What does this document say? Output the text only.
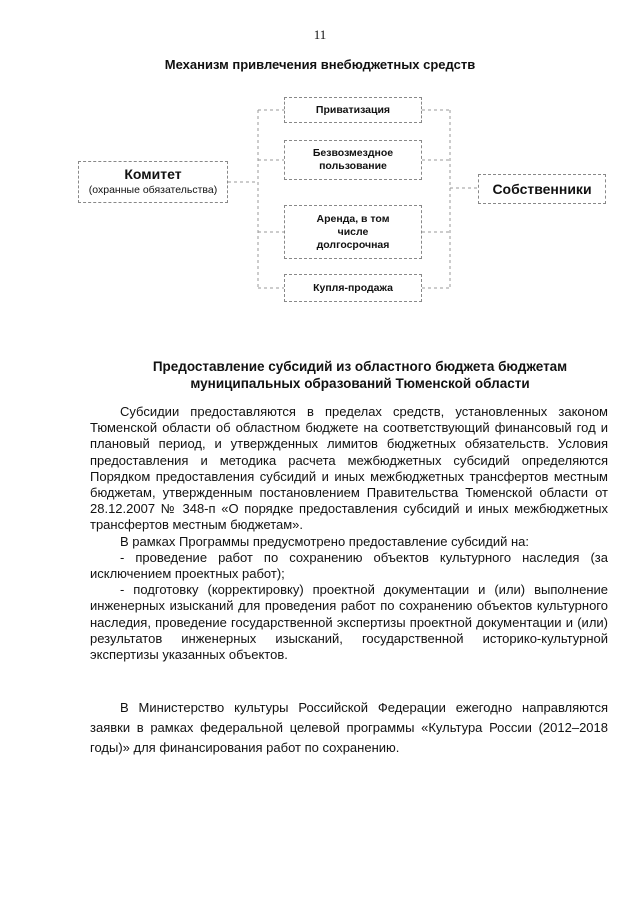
11
Механизм привлечения внебюджетных средств
Комитет
(охранные обязательства)
Приватизация
Безвозмездное пользование
Аренда, в том числе долгосрочная
Купля-продажа
Собственники
Предоставление субсидий из областного бюджета бюджетам муниципальных образований Тюменской области

Субсидии предоставляются в пределах средств, установленных законом Тюменской области об областном бюджете на соответствующий финансовый год и плановый период, и утвержденных лимитов бюджетных обязательств. Условия предоставления и методика расчета межбюджетных субсидий определяются Порядком предоставления субсидий и иных межбюджетных трансфертов местным бюджетам, утвержденным постановлением Правительства Тюменской области от 28.12.2007 № 348-п «О порядке предоставления субсидий и иных межбюджетных трансфертов местным бюджетам».

В рамках Программы предусмотрено предоставление субсидий на:

- проведение работ по сохранению объектов культурного наследия (за исключением проектных работ);

- подготовку (корректировку) проектной документации и (или) выполнение инженерных изысканий для проведения работ по сохранению объектов культурного наследия, проведение государственной экспертизы проектной документации и (или) результатов инженерных изысканий, государственной историко-культурной экспертизы указанных объектов.

В Министерство культуры Российской Федерации ежегодно направляются заявки в рамках федеральной целевой программы «Культура России (2012–2018 годы)» для финансирования работ по сохранению.
